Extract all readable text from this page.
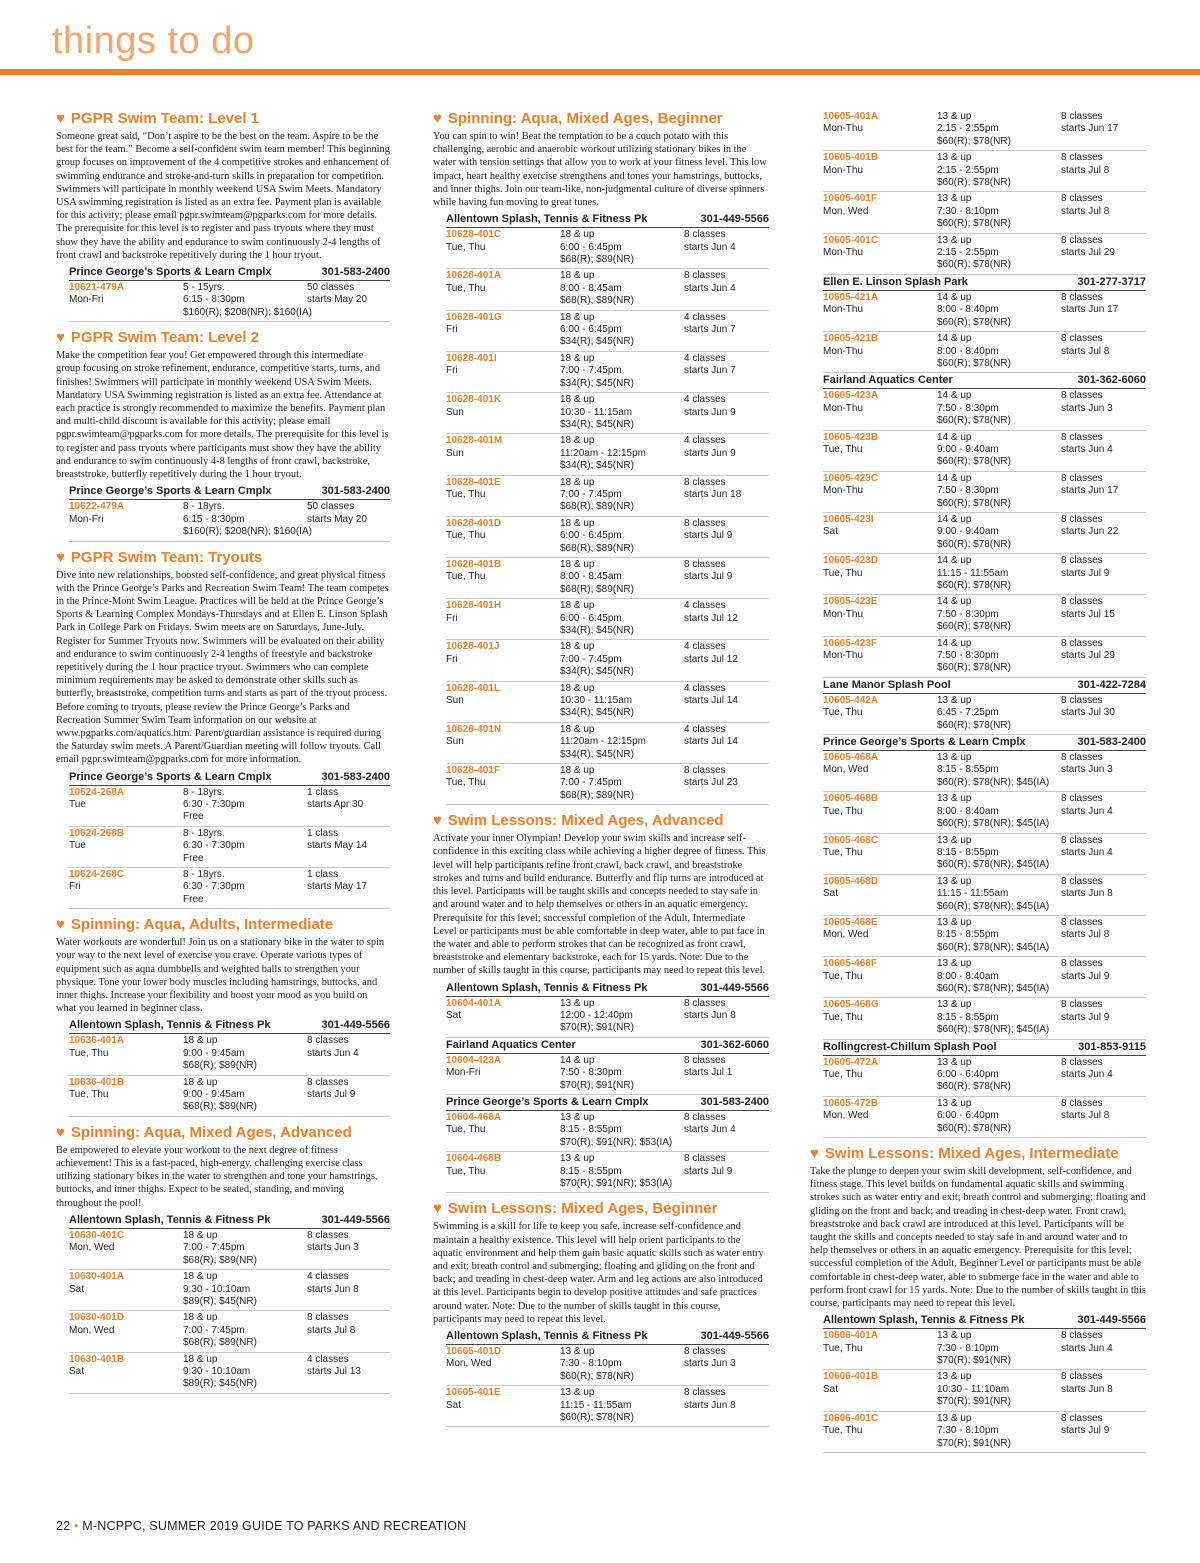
things to do
♥ PGPR Swim Team: Level 1
Someone great said, “Don’t aspire to be the best on the team. Aspire to be the best for the team.” Become a self-confident swim team member! This beginning group focuses on improvement of the 4 competitive strokes and enhancement of swimming endurance and stroke-and-turn skills in preparation for competition. Swimmers will participate in monthly weekend USA Swim Meets. Mandatory USA swimming registration is listed as an extra fee. Payment plan is available for this activity; please email pgpr.swimteam@pgparks.com for more details. The prerequisite for this level is to register and pass tryouts where they must show they have the ability and endurance to swim continuously 2-4 lengths of front crawl and backstroke repetitively during the 1 hour tryout.
Prince George’s Sports & Learn Cmplx	301-583-2400
10621-479A	5 - 15yrs.	50 classes
Mon-Fri	6:15 - 8:30pm	starts May 20
$160(R); $208(NR); $160(IA)
♥ PGPR Swim Team: Level 2
Make the competition fear you! Get empowered through this intermediate group focusing on stroke refinement, endurance, competitive starts, turns, and finishes! Swimmers will participate in monthly weekend USA Swim Meets. Mandatory USA Swimming registration is listed as an extra fee. Attendance at each practice is strongly recommended to maximize the benefits. Payment plan and multi-child discount is available for this activity; please email pgpr.swimteam@pgparks.com for more details. The prerequisite for this level is to register and pass tryouts where participants must show they have the ability and endurance to swim continuously 4-8 lengths of front crawl, backstroke, breaststroke, butterfly repetitively during the 1 hour tryout.
Prince George’s Sports & Learn Cmplx	301-583-2400
10622-479A	8 - 18yrs.	50 classes
Mon-Fri	6:15 - 8:30pm	starts May 20
$160(R); $208(NR); $160(IA)
♥ PGPR Swim Team: Tryouts
Dive into new relationships, boosted self-confidence, and great physical fitness with the Prince George’s Parks and Recreation Swim Team! The team competes in the Prince-Mont Swim League. Practices will be held at the Prince George’s Sports & Learning Complex Mondays-Thursdays and at Ellen E. Linson Splash Park in College Park on Fridays. Swim meets are on Saturdays, June-July. Register for Summer Tryouts now. Swimmers will be evaluated on their ability and endurance to swim continuously 2-4 lengths of freestyle and backstroke repetitively during the 1 hour practice tryout. Swimmers who can complete minimum requirements may be asked to demonstrate other skills such as butterfly, breaststroke, competition turns and starts as part of the tryout process. Before coming to tryouts, please review the Prince George’s Parks and Recreation Summer Swim Team information on our website at www.pgparks.com/aquatics.htm. Parent/guardian assistance is required during the Saturday swim meets. A Parent/Guardian meeting will follow tryouts. Call email pgpr.swimteam@pgparks.com for more information.
Prince George’s Sports & Learn Cmplx	301-583-2400
10624-268A	8 - 18yrs.	1 class
Tue	6:30 - 7:30pm	starts Apr 30
Free
10624-268B	8 - 18yrs.	1 class
Tue	6:30 - 7:30pm	starts May 14
Free
10624-268C	8 - 18yrs.	1 class
Fri	6:30 - 7:30pm	starts May 17
Free
♥ Spinning: Aqua, Adults, Intermediate
Water workouts are wonderful! Join us on a stationary bike in the water to spin your way to the next level of exercise you crave. Operate various types of equipment such as aqua dumbbells and weighted balls to strengthen your physique. Tone your lower body muscles including hamstrings, buttocks, and inner thighs. Increase your flexibility and boost your mood as you build on what you learned in beginner class.
Allentown Splash, Tennis & Fitness Pk	301-449-5566
10636-401A	18 & up	8 classes
Tue, Thu	9:00 - 9:45am	starts Jun 4
$68(R); $89(NR)
10636-401B	18 & up	8 classes
Tue, Thu	9:00 - 9:45am	starts Jul 9
$68(R); $89(NR)
♥ Spinning: Aqua, Mixed Ages, Advanced
Be empowered to elevate your workout to the next degree of fitness achievement! This is a fast-paced, high-energy, challenging exercise class utilizing stationary bikes in the water to strengthen and tone your hamstrings, buttocks, and inner thighs. Expect to be seated, standing, and moving throughout the pool!
Allentown Splash, Tennis & Fitness Pk	301-449-5566
10630-401C	18 & up	8 classes
Mon, Wed	7:00 - 7:45pm	starts Jun 3
$68(R); $89(NR)
10630-401A	18 & up	4 classes
Sat	9:30 - 10:10am	starts Jun 8
$89(R); $45(NR)
10630-401D	18 & up	8 classes
Mon, Wed	7:00 - 7:45pm	starts Jul 8
$68(R); $89(NR)
10630-401B	18 & up	4 classes
Sat	9:30 - 10:10am	starts Jul 13
$89(R); $45(NR)
♥ Spinning: Aqua, Mixed Ages, Beginner
You can spin to win! Beat the temptation to be a couch potato with this challenging, aerobic and anaerobic workout utilizing stationary bikes in the water with tension settings that allow you to work at your fitness level. This low impact, heart healthy exercise strengthens and tones your hamstrings, buttocks, and inner thighs. Join our team-like, non-judgmental culture of diverse spinners while having fun moving to great tunes.
Allentown Splash, Tennis & Fitness Pk	301-449-5566
10628-401C	18 & up	8 classes
Tue, Thu	6:00 - 6:45pm	starts Jun 4
$68(R); $89(NR)
10628-401A	18 & up	8 classes
Tue, Thu	8:00 - 8:45am	starts Jun 4
$68(R); $89(NR)
10628-401G	18 & up	4 classes
Fri	6:00 - 6:45pm	starts Jun 7
$34(R); $45(NR)
10628-401I	18 & up	4 classes
Fri	7:00 - 7:45pm	starts Jun 7
$34(R); $45(NR)
10628-401K	18 & up	4 classes
Sun	10:30 - 11:15am	starts Jun 9
$34(R); $45(NR)
10628-401M	18 & up	4 classes
Sun	11:20am - 12:15pm	starts Jun 9
$34(R); $45(NR)
10628-401E	18 & up	8 classes
Tue, Thu	7:00 - 7:45pm	starts Jun 18
$68(R); $89(NR)
10628-401D	18 & up	8 classes
Tue, Thu	6:00 - 6:45pm	starts Jul 9
$68(R); $89(NR)
10628-401B	18 & up	8 classes
Tue, Thu	8:00 - 8:45am	starts Jul 9
$68(R); $89(NR)
10628-401H	18 & up	4 classes
Fri	6:00 - 6:45pm	starts Jul 12
$34(R); $45(NR)
10628-401J	18 & up	4 classes
Fri	7:00 - 7:45pm	starts Jul 12
$34(R); $45(NR)
10628-401L	18 & up	4 classes
Sun	10:30 - 11:15am	starts Jul 14
$34(R); $45(NR)
10628-401N	18 & up	4 classes
Sun	11:20am - 12:15pm	starts Jul 14
$34(R); $45(NR)
10628-401F	18 & up	8 classes
Tue, Thu	7:00 - 7:45pm	starts Jul 23
$68(R); $89(NR)
♥ Swim Lessons: Mixed Ages, Advanced
Activate your inner Olympian! Develop your swim skills and increase self-confidence in this exciting class while achieving a higher degree of fitness. This level will help participants refine front crawl, back crawl, and breaststroke strokes and turns and build endurance. Butterfly and flip turns are introduced at this level. Participants will be taught skills and concepts needed to stay safe in and around water and to help themselves or others in an aquatic emergency. Prerequisite for this level; successful completion of the Adult, Intermediate Level or participants must be able comfortable in deep water, able to put face in the water and able to perform strokes that can be recognized as front crawl, breaststroke and elementary backstroke, each for 15 yards. Note: Due to the number of skills taught in this course, participants may need to repeat this level.
Allentown Splash, Tennis & Fitness Pk	301-449-5566
10604-401A	13 & up	8 classes
Sat	12:00 - 12:40pm	starts Jun 8
$70(R); $91(NR)
Fairland Aquatics Center	301-362-6060
10604-423A	14 & up	8 classes
Mon-Fri	7:50 - 8:30pm	starts Jul 1
$70(R); $91(NR)
Prince George’s Sports & Learn Cmplx	301-583-2400
10604-468A	13 & up	8 classes
Tue, Thu	8:15 - 8:55pm	starts Jun 4
$70(R); $91(NR); $53(IA)
10604-468B	13 & up	8 classes
Tue, Thu	8:15 - 8:55pm	starts Jul 9
$70(R); $91(NR); $53(IA)
♥ Swim Lessons: Mixed Ages, Beginner
Swimming is a skill for life to keep you safe, increase self-confidence and maintain a healthy existence. This level will help orient participants to the aquatic environment and help them gain basic aquatic skills such as water entry and exit; breath control and submerging; floating and gliding on the front and back; and treading in chest-deep water. Arm and leg actions are also introduced at this level. Participants begin to develop positive attitudes and safe practices around water. Note: Due to the number of skills taught in this course, participants may need to repeat this level.
Allentown Splash, Tennis & Fitness Pk	301-449-5566
10605-401D	13 & up	8 classes
Mon, Wed	7:30 - 8:10pm	starts Jun 3
$60(R); $78(NR)
10605-401E	13 & up	8 classes
Sat	11:15 - 11:55am	starts Jun 8
$60(R); $78(NR)
10605-401A	13 & up	8 classes
Mon-Thu	2:15 - 2:55pm	starts Jun 17
$60(R); $78(NR)
10605-401B	13 & up	8 classes
Mon-Thu	2:15 - 2:55pm	starts Jul 8
$60(R); $78(NR)
10605-401F	13 & up	8 classes
Mon, Wed	7:30 - 8:10pm	starts Jul 8
$60(R); $78(NR)
10605-401C	13 & up	8 classes
Mon-Thu	2:15 - 2:55pm	starts Jul 29
$60(R); $78(NR)
Ellen E. Linson Splash Park	301-277-3717
10605-421A	14 & up	8 classes
Mon-Thu	8:00 - 8:40pm	starts Jun 17
$60(R); $78(NR)
10605-421B	14 & up	8 classes
Mon-Thu	8:00 - 8:40pm	starts Jul 8
$60(R); $78(NR)
Fairland Aquatics Center	301-362-6060
10605-423A	14 & up	8 classes
Mon-Thu	7:50 - 8:30pm	starts Jun 3
$60(R); $78(NR)
10605-423B	14 & up	8 classes
Tue, Thu	9:00 - 9:40am	starts Jun 4
$60(R); $78(NR)
10605-423C	14 & up	8 classes
Mon-Thu	7:50 - 8:30pm	starts Jun 17
$60(R); $78(NR)
10605-423I	14 & up	8 classes
Sat	9:00 - 9:40am	starts Jun 22
$60(R); $78(NR)
10605-423D	14 & up	8 classes
Tue, Thu	11:15 - 11:55am	starts Jul 9
$60(R); $78(NR)
10605-423E	14 & up	8 classes
Mon-Thu	7:50 - 8:30pm	starts Jul 15
$60(R); $78(NR)
10605-423F	14 & up	8 classes
Mon-Thu	7:50 - 8:30pm	starts Jul 29
$60(R); $78(NR)
Lane Manor Splash Pool	301-422-7284
10605-442A	13 & up	8 classes
Tue, Thu	6:45 - 7:25pm	starts Jul 30
$60(R); $78(NR)
Prince George’s Sports & Learn Cmplx	301-583-2400
10605-468A	13 & up	8 classes
Mon, Wed	8:15 - 8:55pm	starts Jun 3
$60(R); $78(NR); $45(IA)
10605-468B	13 & up	8 classes
Tue, Thu	8:00 - 8:40am	starts Jun 4
$60(R); $78(NR); $45(IA)
10605-468C	13 & up	8 classes
Tue, Thu	8:15 - 8:55pm	starts Jun 4
$60(R); $78(NR); $45(IA)
10605-468D	13 & up	8 classes
Sat	11:15 - 11:55am	starts Jun 8
$60(R); $78(NR); $45(IA)
10605-468E	13 & up	8 classes
Mon, Wed	8:15 - 8:55pm	starts Jul 8
$60(R); $78(NR); $45(IA)
10605-468F	13 & up	8 classes
Tue, Thu	8:00 - 8:40am	starts Jul 9
$60(R); $78(NR); $45(IA)
10605-468G	13 & up	8 classes
Tue, Thu	8:15 - 8:55pm	starts Jul 9
$60(R); $78(NR); $45(IA)
Rollingcrest-Chillum Splash Pool	301-853-9115
10605-472A	13 & up	8 classes
Tue, Thu	6:00 - 6:40pm	starts Jun 4
$60(R); $78(NR)
10605-472B	13 & up	8 classes
Mon, Wed	6:00 - 6:40pm	starts Jul 8
$60(R); $78(NR)
♥ Swim Lessons: Mixed Ages, Intermediate
Take the plunge to deepen your swim skill development, self-confidence, and fitness stage. This level builds on fundamental aquatic skills and swimming strokes such as water entry and exit; breath control and submerging; floating and gliding on the front and back; and treading in chest-deep water. Front crawl, breaststroke and back crawl are introduced at this level. Participants will be taught the skills and concepts needed to stay safe in and around water and to help themselves or others in an aquatic emergency. Prerequisite for this level; successful completion of the Adult, Beginner Level or participants must be able comfortable in chest-deep water, able to submerge face in the water and able to perform front crawl for 15 yards. Note: Due to the number of skills taught in this course, participants may need to repeat this level.
Allentown Splash, Tennis & Fitness Pk	301-449-5566
10606-401A	13 & up	8 classes
Tue, Thu	7:30 - 8:10pm	starts Jun 4
$70(R); $91(NR)
10606-401B	13 & up	8 classes
Sat	10:30 - 11:10am	starts Jun 8
$70(R); $91(NR)
10606-401C	13 & up	8 classes
Tue, Thu	7:30 - 8:10pm	starts Jul 9
$70(R); $91(NR)
22 • M-NCPPC, SUMMER 2019 GUIDE TO PARKS AND RECREATION
